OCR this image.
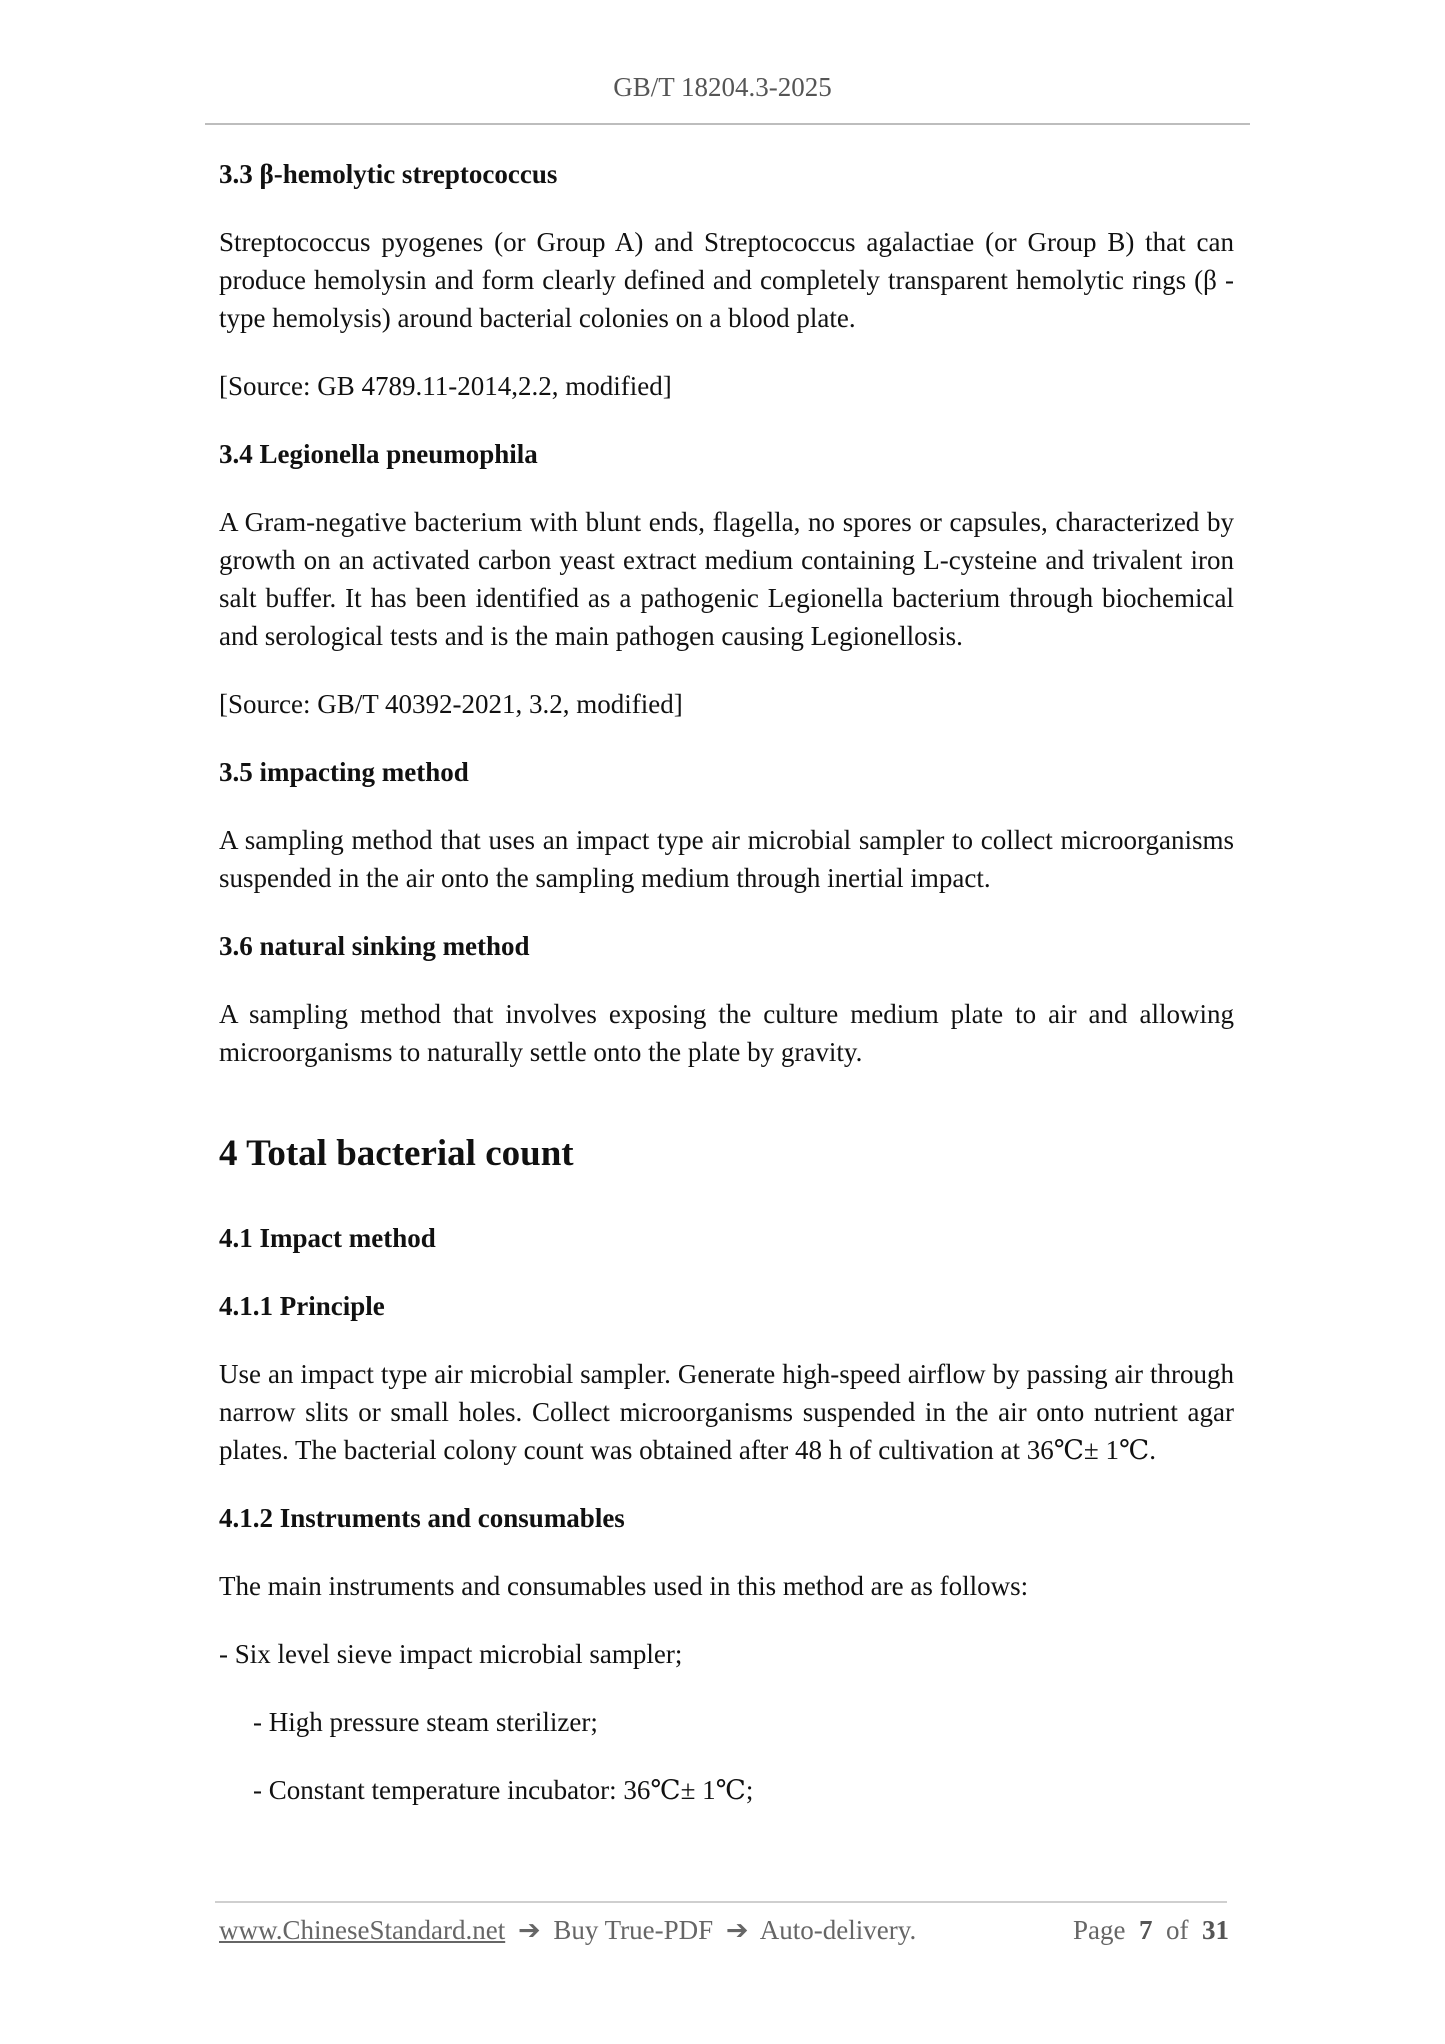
GB/T 18204.3-2025
3.3 β-hemolytic streptococcus
Streptococcus pyogenes (or Group A) and Streptococcus agalactiae (or Group B) that can produce hemolysin and form clearly defined and completely transparent hemolytic rings (β - type hemolysis) around bacterial colonies on a blood plate.
[Source: GB 4789.11-2014,2.2, modified]
3.4 Legionella pneumophila
A Gram-negative bacterium with blunt ends, flagella, no spores or capsules, characterized by growth on an activated carbon yeast extract medium containing L-cysteine and trivalent iron salt buffer. It has been identified as a pathogenic Legionella bacterium through biochemical and serological tests and is the main pathogen causing Legionellosis.
[Source: GB/T 40392-2021, 3.2, modified]
3.5 impacting method
A sampling method that uses an impact type air microbial sampler to collect microorganisms suspended in the air onto the sampling medium through inertial impact.
3.6 natural sinking method
A sampling method that involves exposing the culture medium plate to air and allowing microorganisms to naturally settle onto the plate by gravity.
4 Total bacterial count
4.1 Impact method
4.1.1 Principle
Use an impact type air microbial sampler. Generate high-speed airflow by passing air through narrow slits or small holes. Collect microorganisms suspended in the air onto nutrient agar plates. The bacterial colony count was obtained after 48 h of cultivation at 36℃± 1℃.
4.1.2 Instruments and consumables
The main instruments and consumables used in this method are as follows:
- Six level sieve impact microbial sampler;
- High pressure steam sterilizer;
- Constant temperature incubator: 36℃± 1℃;
www.ChineseStandard.net ➔ Buy True-PDF ➔ Auto-delivery.	Page 7 of 31
